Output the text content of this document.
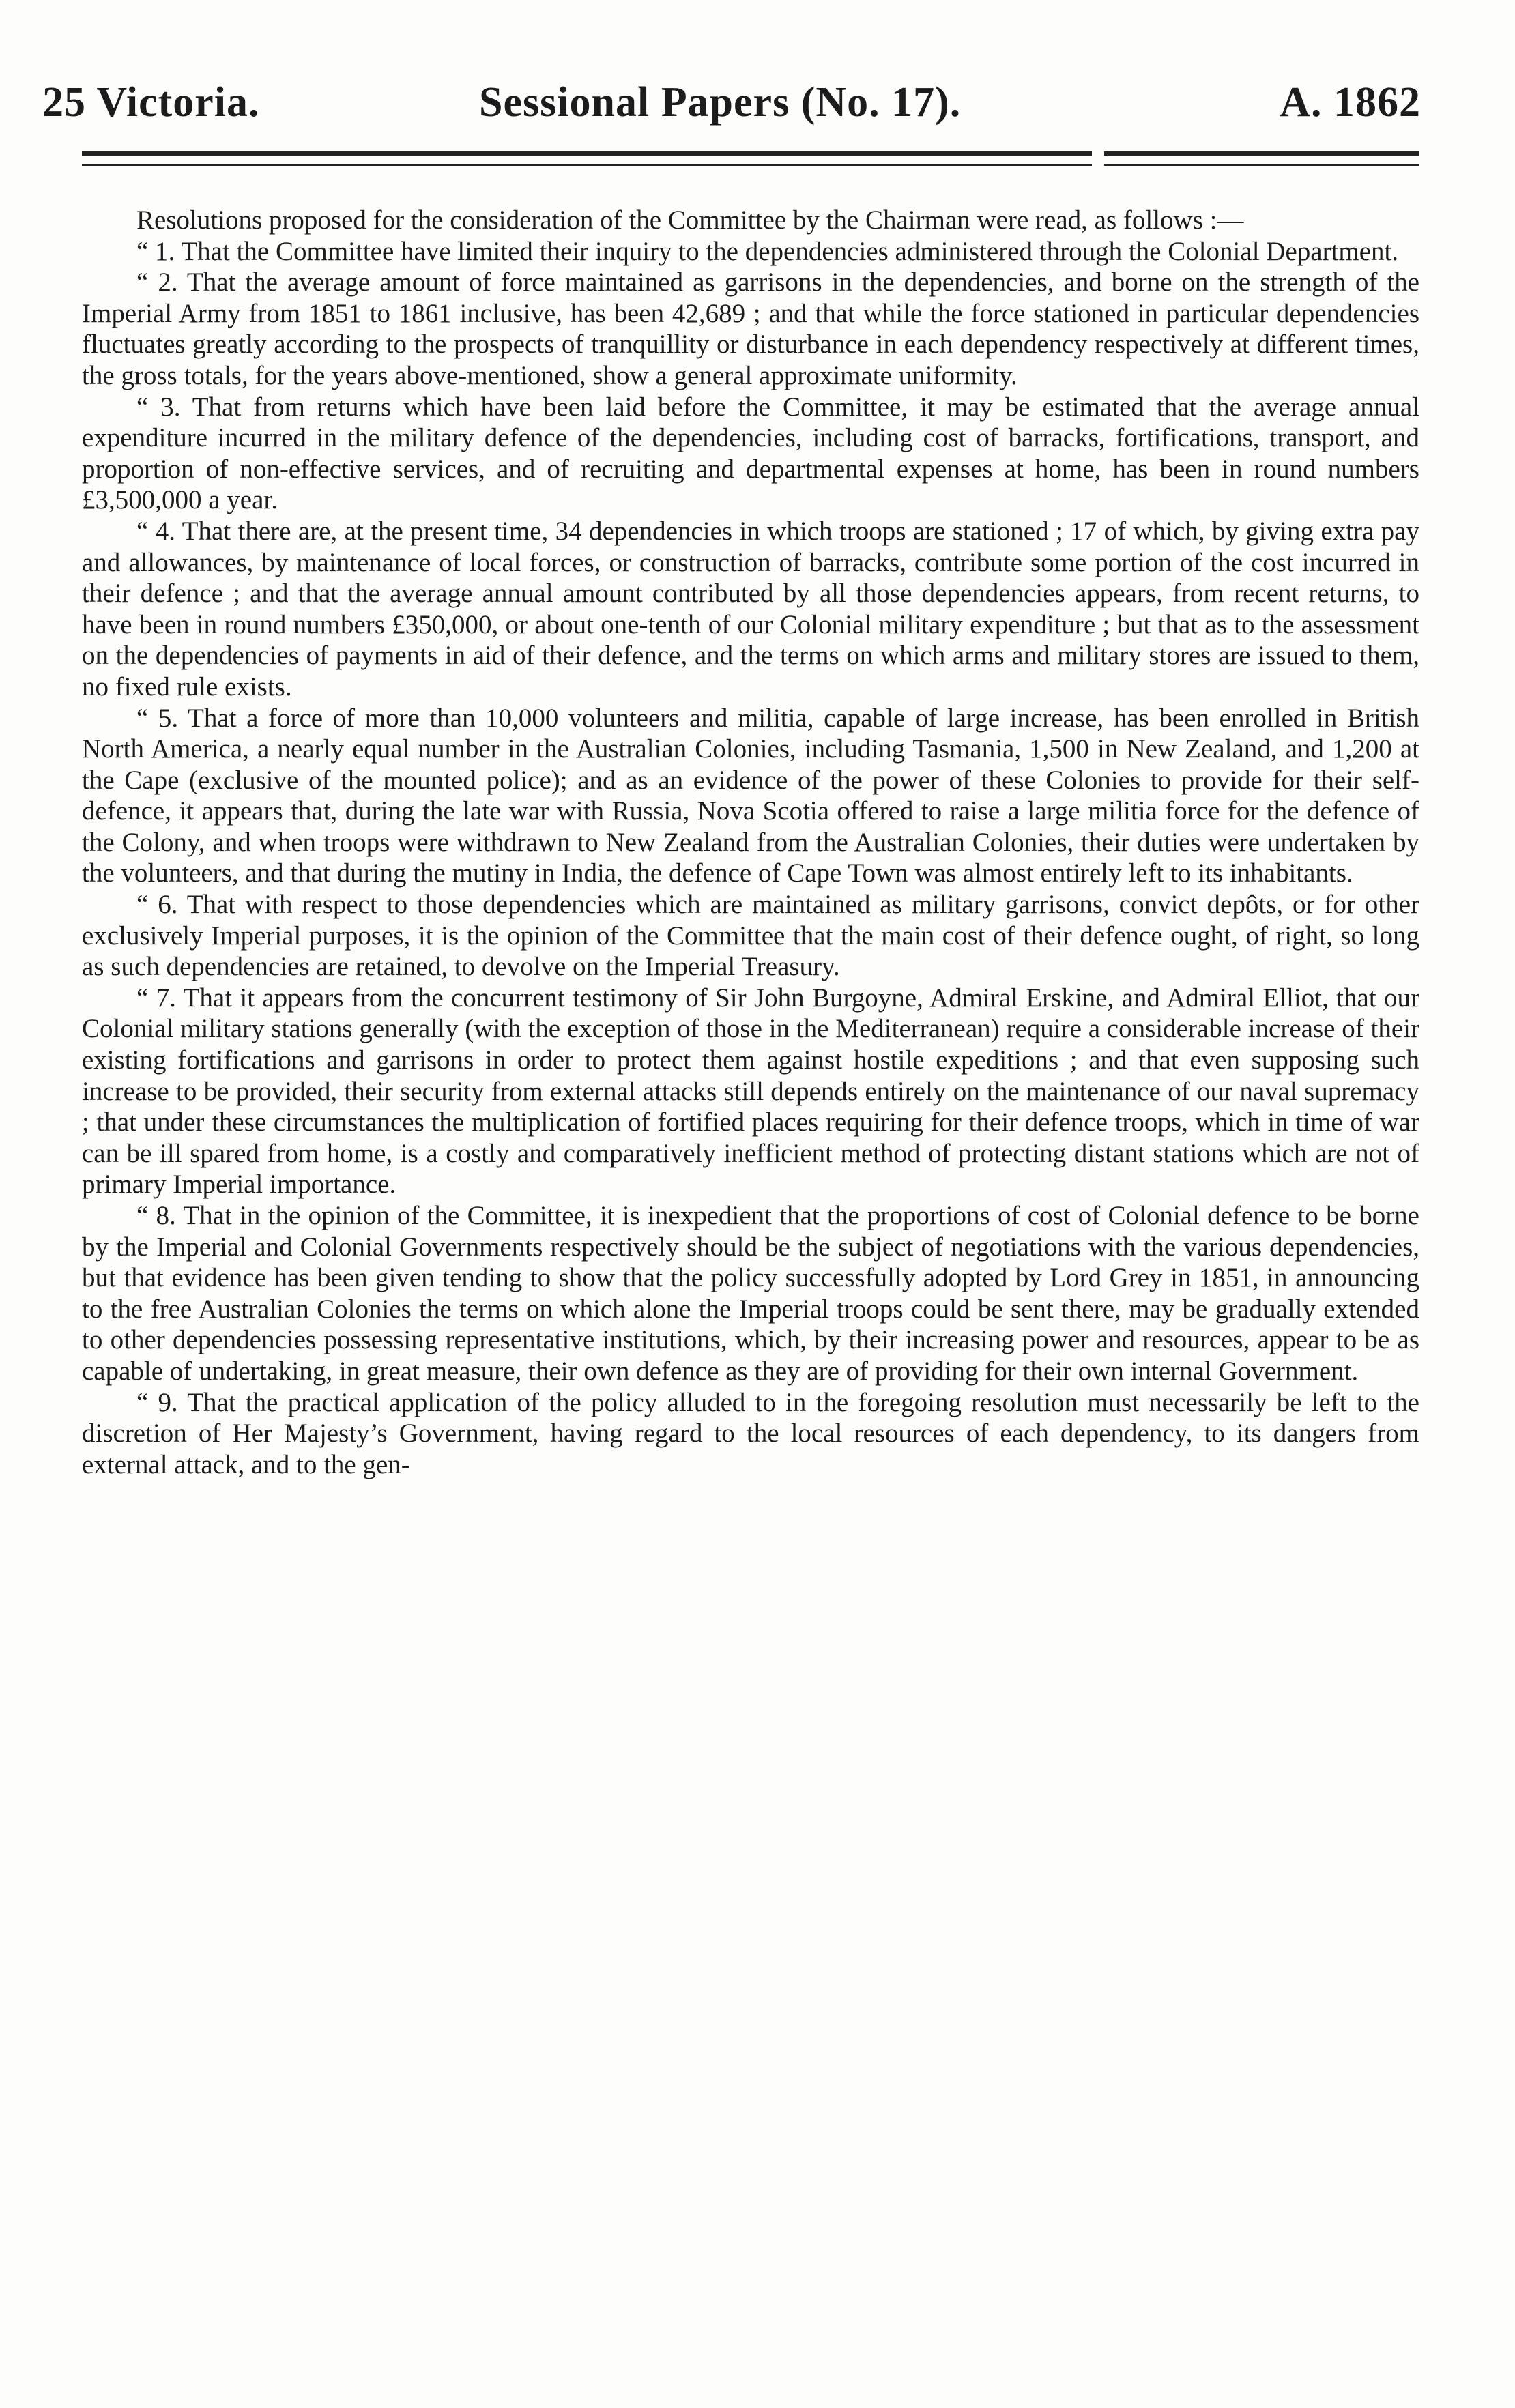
25 Victoria.	Sessional Papers (No. 17).	A. 1862

Resolutions proposed for the consideration of the Committee by the Chairman were read, as follows :—

“ 1. That the Committee have limited their inquiry to the dependencies administered through the Colonial Department.

“ 2. That the average amount of force maintained as garrisons in the dependencies, and borne on the strength of the Imperial Army from 1851 to 1861 inclusive, has been 42,689 ; and that while the force stationed in particular dependencies fluctuates greatly according to the prospects of tranquillity or disturbance in each dependency respectively at different times, the gross totals, for the years above-mentioned, show a general approximate uniformity.

“ 3. That from returns which have been laid before the Committee, it may be estimated that the average annual expenditure incurred in the military defence of the dependencies, including cost of barracks, fortifications, transport, and proportion of non-effective services, and of recruiting and departmental expenses at home, has been in round numbers £3,500,000 a year.

“ 4. That there are, at the present time, 34 dependencies in which troops are stationed ; 17 of which, by giving extra pay and allowances, by maintenance of local forces, or construction of barracks, contribute some portion of the cost incurred in their defence ; and that the average annual amount contributed by all those dependencies appears, from recent returns, to have been in round numbers £350,000, or about one-tenth of our Colonial military expenditure ; but that as to the assessment on the dependencies of payments in aid of their defence, and the terms on which arms and military stores are issued to them, no fixed rule exists.

“ 5. That a force of more than 10,000 volunteers and militia, capable of large increase, has been enrolled in British North America, a nearly equal number in the Australian Colonies, including Tasmania, 1,500 in New Zealand, and 1,200 at the Cape (exclusive of the mounted police); and as an evidence of the power of these Colonies to provide for their self-defence, it appears that, during the late war with Russia, Nova Scotia offered to raise a large militia force for the defence of the Colony, and when troops were withdrawn to New Zealand from the Australian Colonies, their duties were undertaken by the volunteers, and that during the mutiny in India, the defence of Cape Town was almost entirely left to its inhabitants.

“ 6. That with respect to those dependencies which are maintained as military garrisons, convict depôts, or for other exclusively Imperial purposes, it is the opinion of the Committee that the main cost of their defence ought, of right, so long as such dependencies are retained, to devolve on the Imperial Treasury.

“ 7. That it appears from the concurrent testimony of Sir John Burgoyne, Admiral Erskine, and Admiral Elliot, that our Colonial military stations generally (with the exception of those in the Mediterranean) require a considerable increase of their existing fortifications and garrisons in order to protect them against hostile expeditions ; and that even supposing such increase to be provided, their security from external attacks still depends entirely on the maintenance of our naval supremacy ; that under these circumstances the multiplication of fortified places requiring for their defence troops, which in time of war can be ill spared from home, is a costly and comparatively inefficient method of protecting distant stations which are not of primary Imperial importance.

“ 8. That in the opinion of the Committee, it is inexpedient that the proportions of cost of Colonial defence to be borne by the Imperial and Colonial Governments respectively should be the subject of negotiations with the various dependencies, but that evidence has been given tending to show that the policy successfully adopted by Lord Grey in 1851, in announcing to the free Australian Colonies the terms on which alone the Imperial troops could be sent there, may be gradually extended to other dependencies possessing representative institutions, which, by their increasing power and resources, appear to be as capable of undertaking, in great measure, their own defence as they are of providing for their own internal Government.

“ 9. That the practical application of the policy alluded to in the foregoing resolution must necessarily be left to the discretion of Her Majesty’s Government, having regard to the local resources of each dependency, to its dangers from external attack, and to the gen-
